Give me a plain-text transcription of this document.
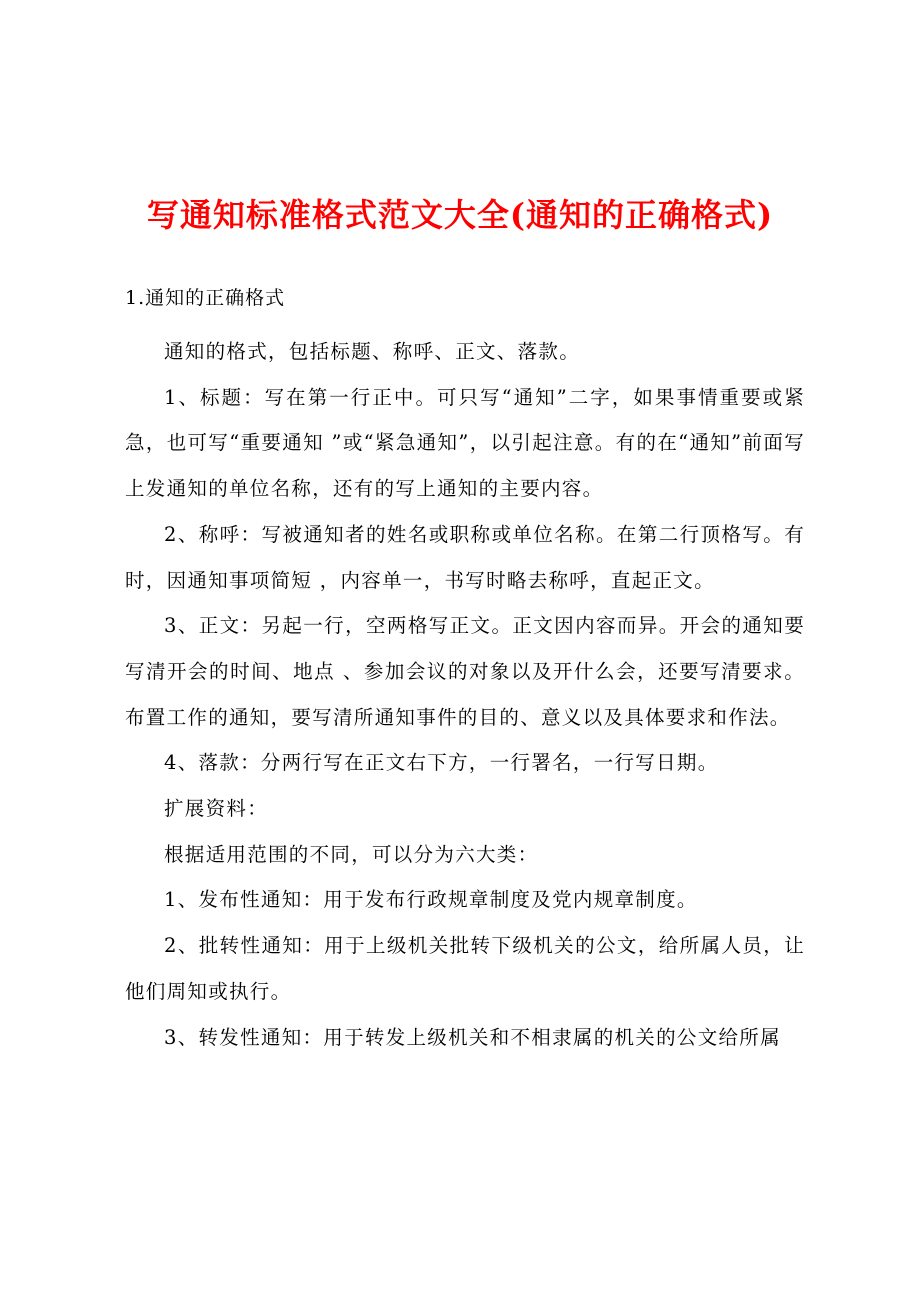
写通知标准格式范文大全(通知的正确格式)
1.通知的正确格式

通知的格式，包括标题、称呼、正文、落款。

1、标题：写在第一行正中。可只写“通知”二字，如果事情重要或紧急，也可写“重要通知 ”或“紧急通知”，以引起注意。有的在“通知”前面写上发通知的单位名称，还有的写上通知的主要内容。

2、称呼：写被通知者的姓名或职称或单位名称。在第二行顶格写。有时，因通知事项简短 ，内容单一，书写时略去称呼，直起正文。

3、正文：另起一行，空两格写正文。正文因内容而异。开会的通知要写清开会的时间、地点 、参加会议的对象以及开什么会，还要写清要求。布置工作的通知，要写清所通知事件的目的、意义以及具体要求和作法。

4、落款：分两行写在正文右下方，一行署名，一行写日期。

扩展资料：

根据适用范围的不同，可以分为六大类：

1、发布性通知：用于发布行政规章制度及党内规章制度。

2、批转性通知：用于上级机关批转下级机关的公文，给所属人员，让他们周知或执行。

3、转发性通知：用于转发上级机关和不相隶属的机关的公文给所属
